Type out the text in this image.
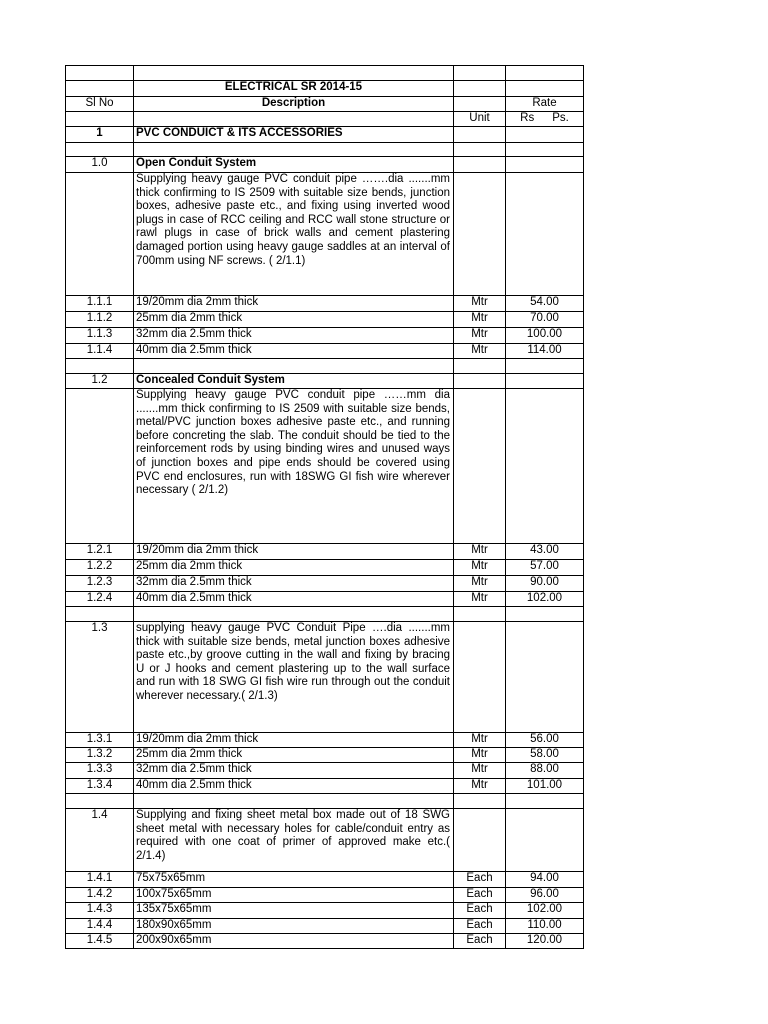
	ELECTRICAL SR 2014-15		
Sl No	Description		Rate
		Unit	Rs Ps.
1	PVC CONDUICT & ITS ACCESSORIES		

1.0	Open Conduit System		
	Supplying heavy gauge PVC conduit pipe …….dia .......mm thick confirming to IS 2509 with suitable size bends, junction boxes, adhesive paste etc., and fixing using inverted wood plugs in case of RCC ceiling and RCC wall stone structure or rawl plugs in case of brick walls and cement plastering damaged portion using heavy gauge saddles at an interval of 700mm using NF screws. ( 2/1.1)		
1.1.1	19/20mm dia 2mm thick	Mtr	54.00
1.1.2	25mm dia 2mm thick	Mtr	70.00
1.1.3	32mm dia 2.5mm thick	Mtr	100.00
1.1.4	40mm dia 2.5mm thick	Mtr	114.00

1.2	Concealed Conduit System		
	Supplying heavy gauge PVC conduit pipe ……mm dia .......mm thick confirming to IS 2509 with suitable size bends, metal/PVC junction boxes adhesive paste etc., and running before concreting the slab. The conduit should be tied to the reinforcement rods by using binding wires and unused ways of junction boxes and pipe ends should be covered using PVC end enclosures, run with 18SWG GI fish wire wherever necessary ( 2/1.2)		
1.2.1	19/20mm dia 2mm thick	Mtr	43.00
1.2.2	25mm dia 2mm thick	Mtr	57.00
1.2.3	32mm dia 2.5mm thick	Mtr	90.00
1.2.4	40mm dia 2.5mm thick	Mtr	102.00

1.3	supplying heavy gauge PVC Conduit Pipe ….dia .......mm thick with suitable size bends, metal junction boxes adhesive paste etc.,by groove cutting in the wall and fixing by bracing U or J hooks and cement plastering up to the wall surface and run with 18 SWG GI fish wire run through out the conduit wherever necessary.( 2/1.3)		
1.3.1	19/20mm dia 2mm thick	Mtr	56.00
1.3.2	25mm dia 2mm thick	Mtr	58.00
1.3.3	32mm dia 2.5mm thick	Mtr	88.00
1.3.4	40mm dia 2.5mm thick	Mtr	101.00

1.4	Supplying and fixing sheet metal box made out of 18 SWG sheet metal with necessary holes for cable/conduit entry as required with one coat of primer of approved make etc.( 2/1.4)		
1.4.1	75x75x65mm	Each	94.00
1.4.2	100x75x65mm	Each	96.00
1.4.3	135x75x65mm	Each	102.00
1.4.4	180x90x65mm	Each	110.00
1.4.5	200x90x65mm	Each	120.00
